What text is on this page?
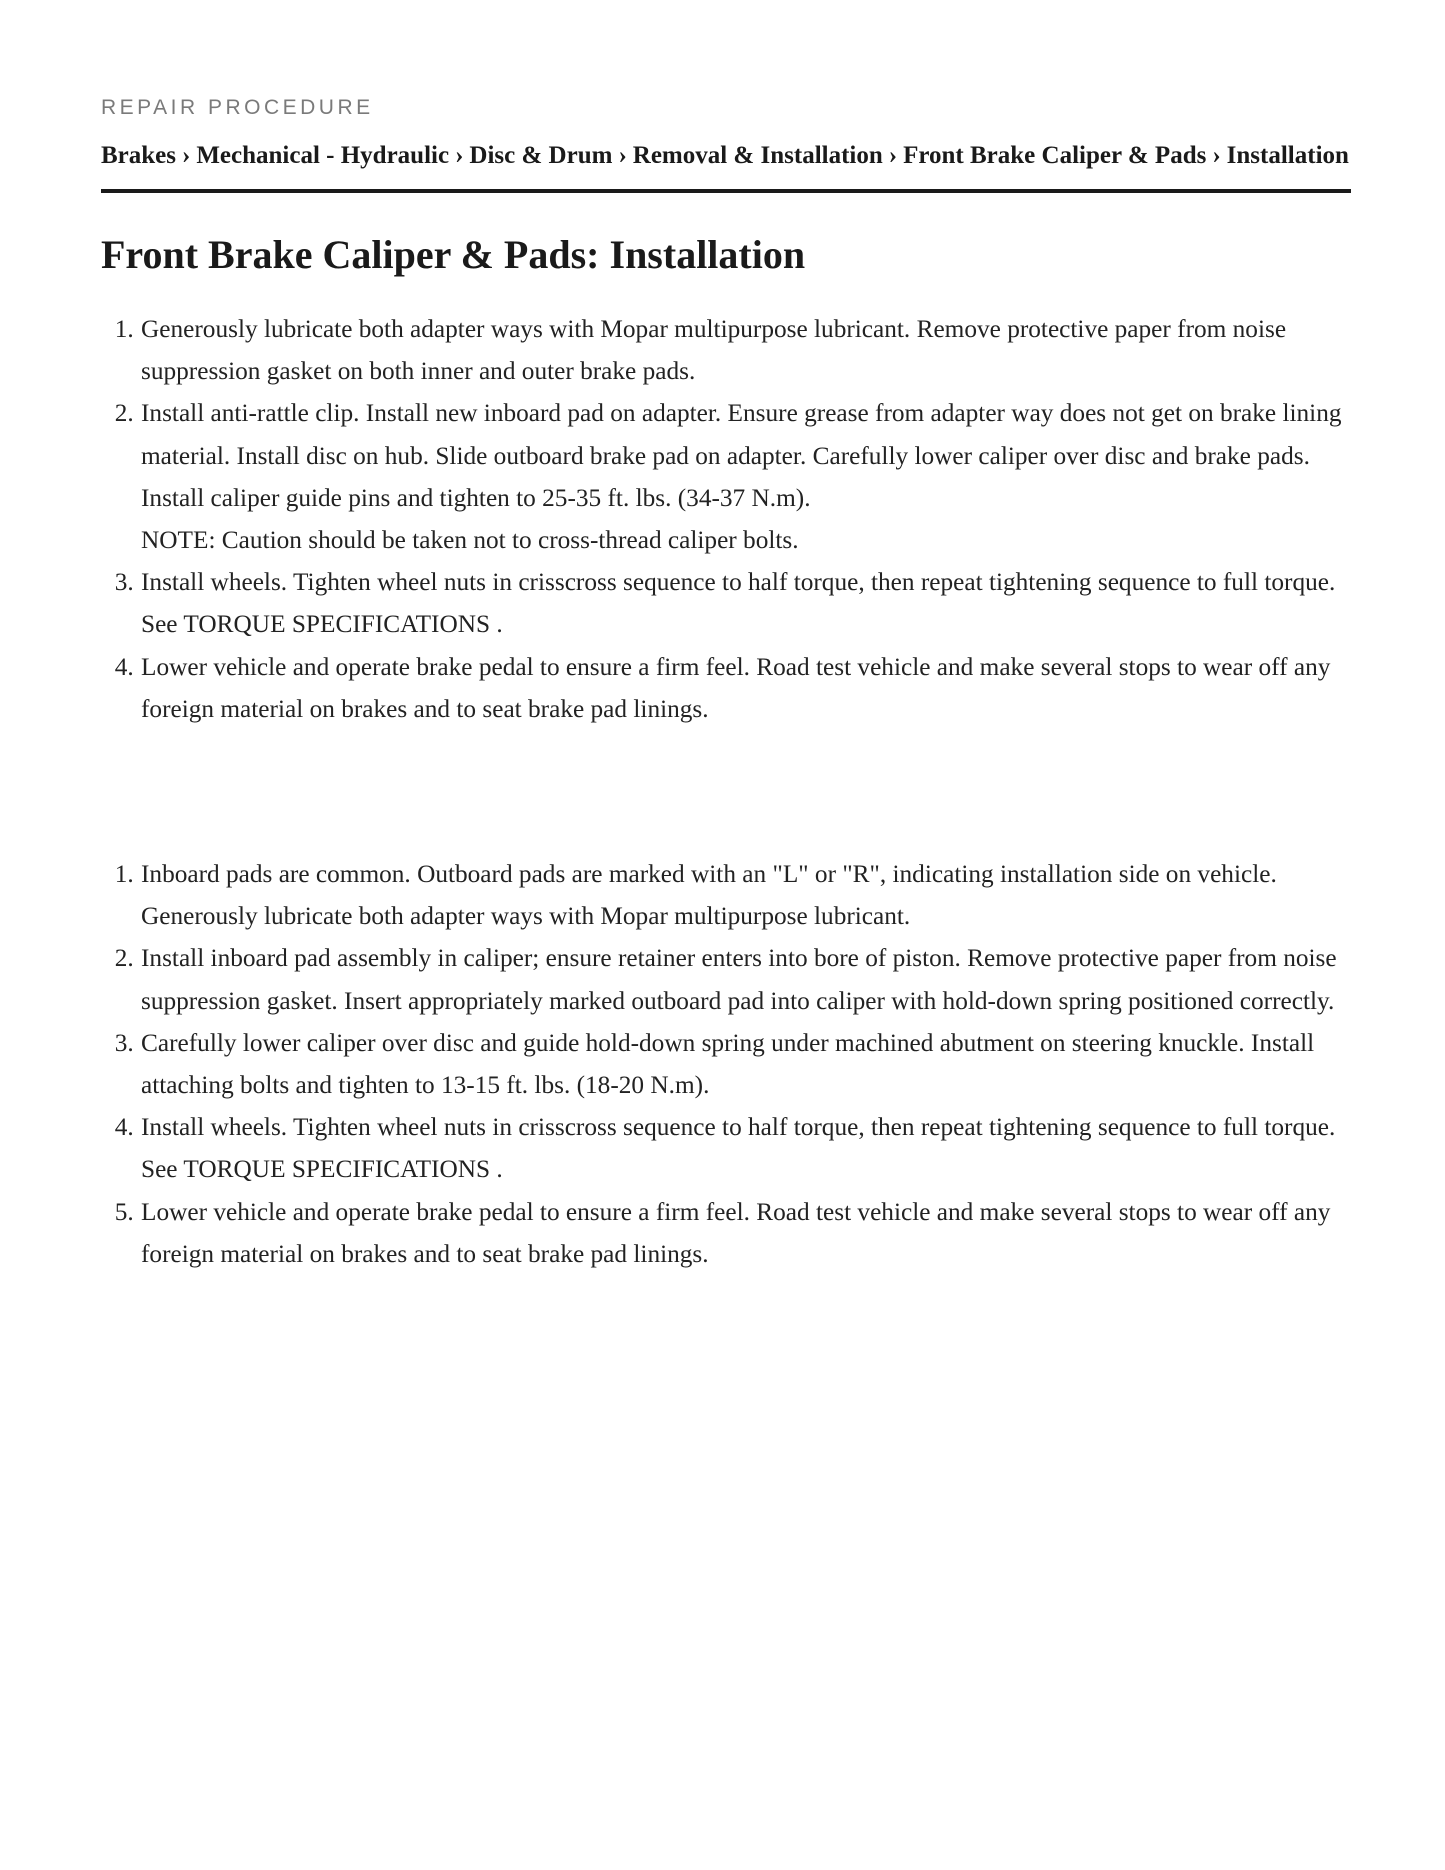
REPAIR PROCEDURE
Brakes › Mechanical - Hydraulic › Disc & Drum › Removal & Installation › Front Brake Caliper & Pads › Installation
Front Brake Caliper & Pads: Installation
1. Generously lubricate both adapter ways with Mopar multipurpose lubricant. Remove protective paper from noise suppression gasket on both inner and outer brake pads.
2. Install anti-rattle clip. Install new inboard pad on adapter. Ensure grease from adapter way does not get on brake lining material. Install disc on hub. Slide outboard brake pad on adapter. Carefully lower caliper over disc and brake pads. Install caliper guide pins and tighten to 25-35 ft. lbs. (34-37 N.m).
NOTE: Caution should be taken not to cross-thread caliper bolts.
3. Install wheels. Tighten wheel nuts in crisscross sequence to half torque, then repeat tightening sequence to full torque. See TORQUE SPECIFICATIONS .
4. Lower vehicle and operate brake pedal to ensure a firm feel. Road test vehicle and make several stops to wear off any foreign material on brakes and to seat brake pad linings.
1. Inboard pads are common. Outboard pads are marked with an "L" or "R", indicating installation side on vehicle. Generously lubricate both adapter ways with Mopar multipurpose lubricant.
2. Install inboard pad assembly in caliper; ensure retainer enters into bore of piston. Remove protective paper from noise suppression gasket. Insert appropriately marked outboard pad into caliper with hold-down spring positioned correctly.
3. Carefully lower caliper over disc and guide hold-down spring under machined abutment on steering knuckle. Install attaching bolts and tighten to 13-15 ft. lbs. (18-20 N.m).
4. Install wheels. Tighten wheel nuts in crisscross sequence to half torque, then repeat tightening sequence to full torque. See TORQUE SPECIFICATIONS .
5. Lower vehicle and operate brake pedal to ensure a firm feel. Road test vehicle and make several stops to wear off any foreign material on brakes and to seat brake pad linings.
